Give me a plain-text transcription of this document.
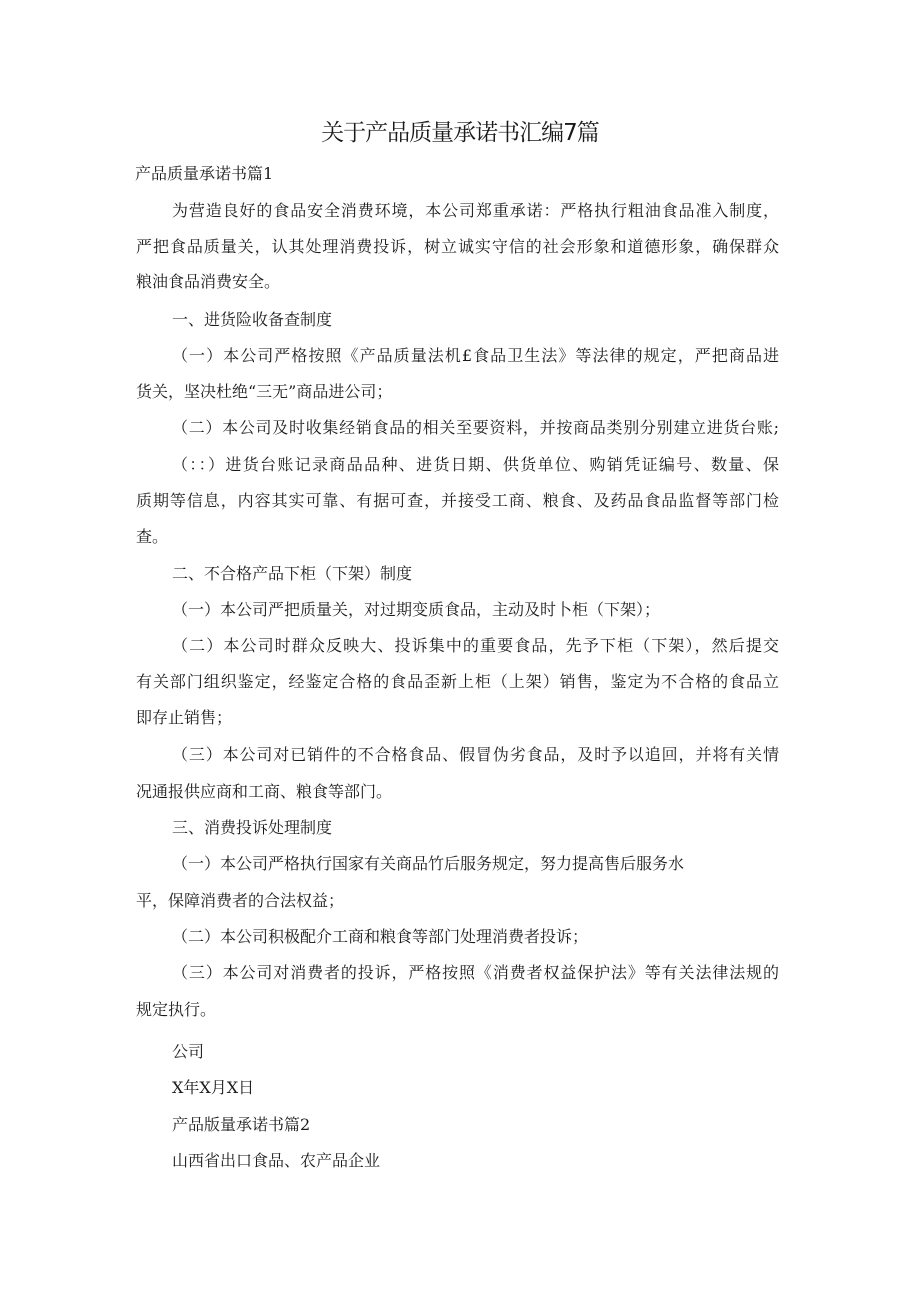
关于产品质量承诺书汇编7篇

产品质量承诺书篇1

为营造良好的食品安全消费环境，本公司郑重承诺：严格执行粗油食品准入制度，

严把食品质量关，认其处理消费投诉，树立诚实守信的社会形象和道德形象，确保群众

粮油食品消费安全。

一、进货险收备查制度

（一）本公司严格按照《产品质量法机£食品卫生法》等法律的规定，严把商品进

货关，坚决杜绝“三无”商品进公司；

（二）本公司及时收集经销食品的相关至要资料，并按商品类别分别建立进货台账;

（：：）进货台账记录商品品种、进货日期、供货单位、购销凭证编号、数量、保

质期等信息，内容其实可靠、有据可查，并接受工商、粮食、及药品食品监督等部门检

查。

二、不合格产品下柜（下架）制度

（一）本公司严把质量关，对过期变质食品，主动及时卜柜（下架）；

（二）本公司时群众反映大、投诉集中的重要食品，先予下柜（下架），然后提交

有关部门组织鉴定，经鉴定合格的食品歪新上柜（上架）销售，鉴定为不合格的食品立

即存止销售；

（三）本公司对已销件的不合格食品、假冒伪劣食品，及时予以追回，并将有关情

况通报供应商和工商、粮食等部门。

三、消费投诉处理制度

（一）本公司严格执行国家有关商品竹后服务规定，努力提高售后服务水

平，保障消费者的合法权益；

（二）本公司积极配介工商和粮食等部门处理消费者投诉；

（三）本公司对消费者的投诉，严格按照《消费者权益保护法》等有关法律法规的

规定执行。

公司

X年X月X日

产品版量承诺书篇2

山西省出口食品、农产品企业
